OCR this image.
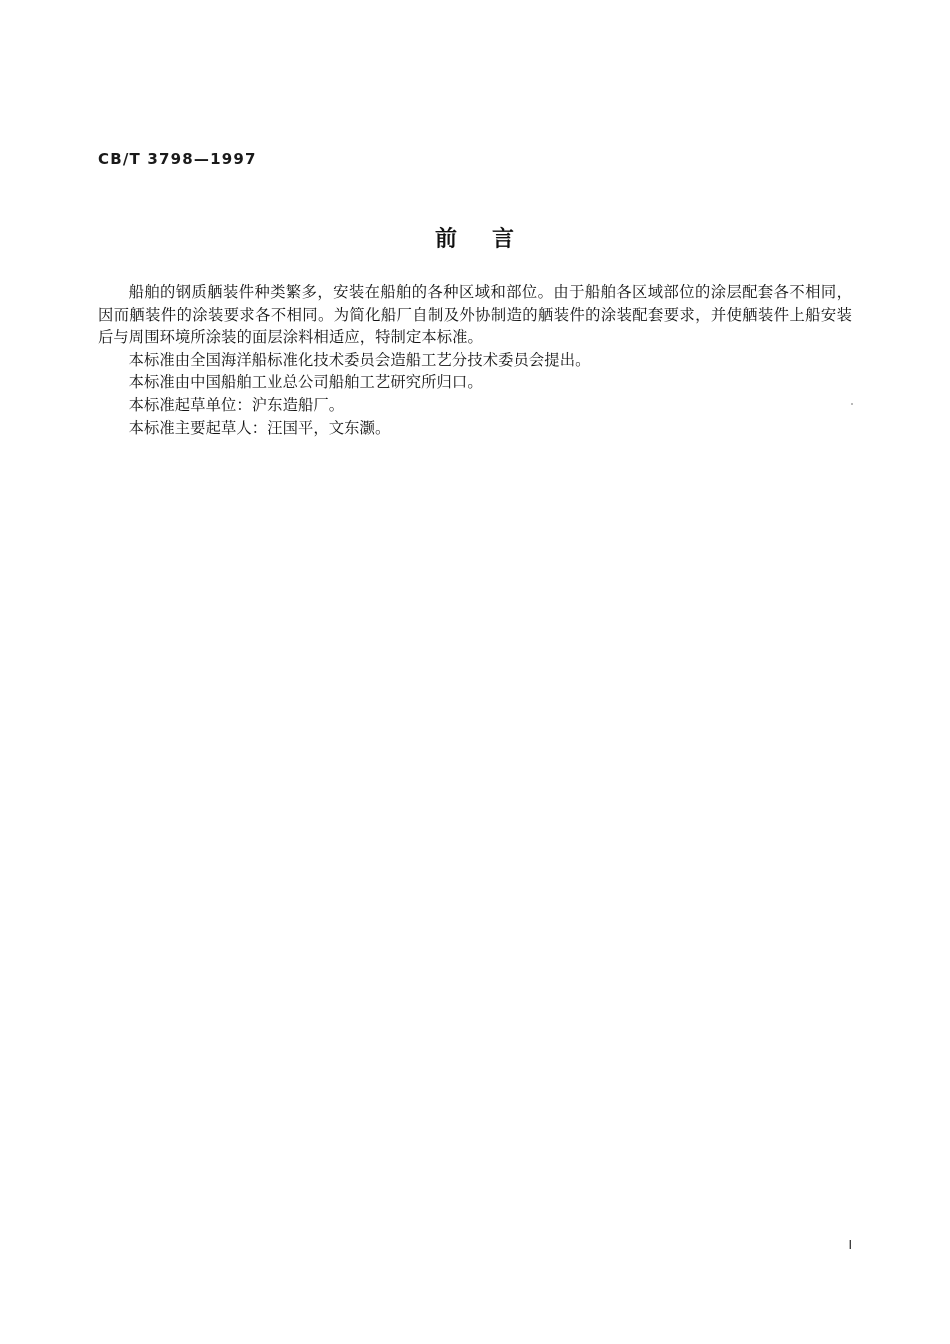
CB/T 3798—1997
前 言

船舶的钢质舾装件种类繁多，安装在船舶的各种区域和部位。由于船舶各区域部位的涂层配套各不相同，因而舾装件的涂装要求各不相同。为简化船厂自制及外协制造的舾装件的涂装配套要求，并使舾装件上船安装后与周围环境所涂装的面层涂料相适应，特制定本标准。

本标准由全国海洋船标准化技术委员会造船工艺分技术委员会提出。

本标准由中国船舶工业总公司船舶工艺研究所归口。

本标准起草单位：沪东造船厂。

本标准主要起草人：汪国平，文东灏。

I
